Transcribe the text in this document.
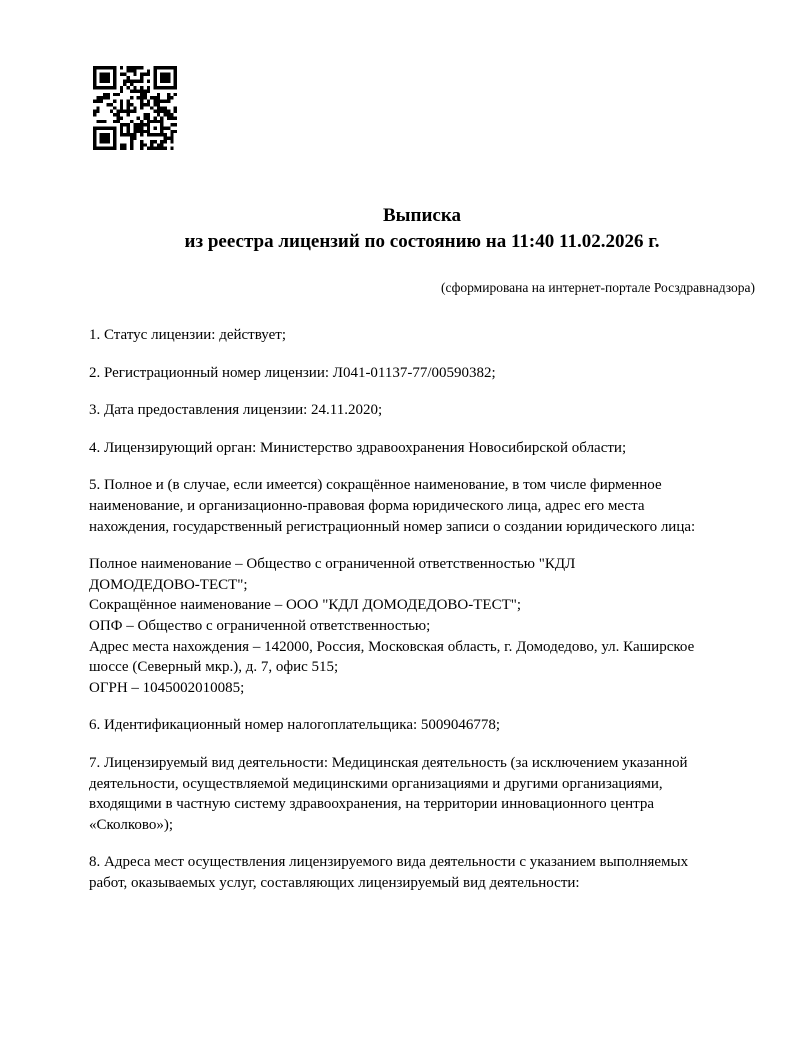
Выписка
из реестра лицензий по состоянию на 11:40 11.02.2026 г.
(сформирована на интернет-портале Росздравнадзора)
1. Статус лицензии: действует;
2. Регистрационный номер лицензии: Л041-01137-77/00590382;
3. Дата предоставления лицензии: 24.11.2020;
4. Лицензирующий орган: Министерство здравоохранения Новосибирской области;
5. Полное и (в случае, если имеется) сокращённое наименование, в том числе фирменное
наименование, и организационно-правовая форма юридического лица, адрес его места
нахождения, государственный регистрационный номер записи о создании юридического лица:
Полное наименование – Общество с ограниченной ответственностью "КДЛ
ДОМОДЕДОВО-ТЕСТ";
Сокращённое наименование – ООО "КДЛ ДОМОДЕДОВО-ТЕСТ";
ОПФ – Общество с ограниченной ответственностью;
Адрес места нахождения – 142000, Россия, Московская область, г. Домодедово, ул. Каширское
шоссе (Северный мкр.), д. 7, офис 515;
ОГРН – 1045002010085;
6. Идентификационный номер налогоплательщика: 5009046778;
7. Лицензируемый вид деятельности: Медицинская деятельность (за исключением указанной
деятельности, осуществляемой медицинскими организациями и другими организациями,
входящими в частную систему здравоохранения, на территории инновационного центра
«Сколково»);
8. Адреса мест осуществления лицензируемого вида деятельности с указанием выполняемых
работ, оказываемых услуг, составляющих лицензируемый вид деятельности:
